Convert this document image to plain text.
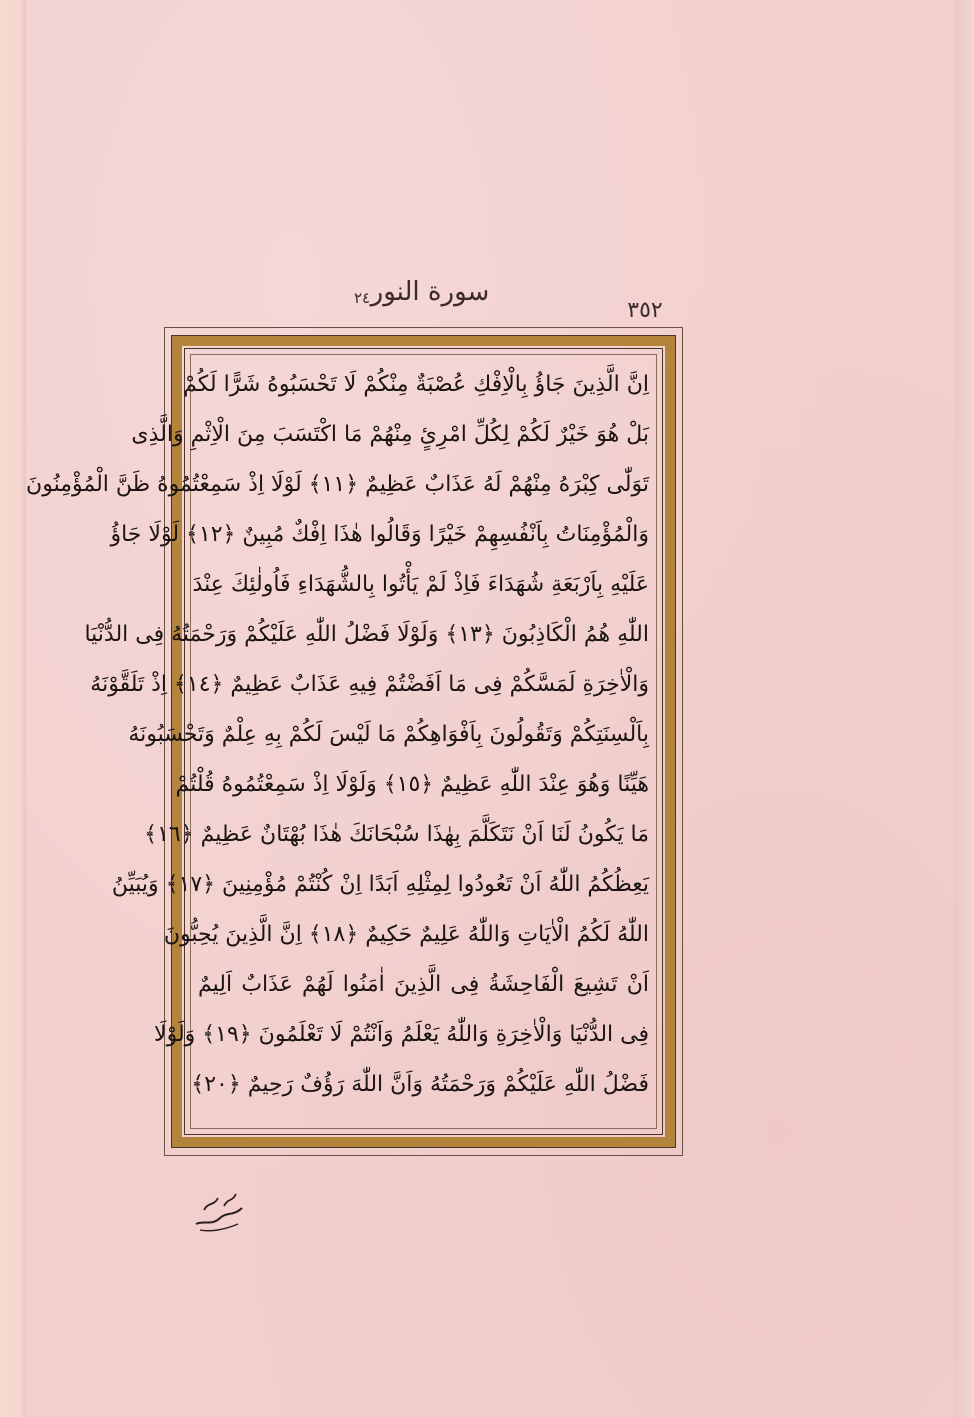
سورة النور
٢٤	٣٥٢
اِنَّ الَّذِينَ جَاؤُ بِالْاِفْكِ عُصْبَةٌ مِنْكُمْ لَا تَحْسَبُوهُ شَرًّا لَكُمْ
بَلْ هُوَ خَيْرٌ لَكُمْ لِكُلِّ امْرِئٍ مِنْهُمْ مَا اكْتَسَبَ مِنَ الْاِثْمِ وَالَّذِى
تَوَلّٰى كِبْرَهُ مِنْهُمْ لَهُ عَذَابٌ عَظِيمٌ ﴿١١﴾ لَوْلَا اِذْ سَمِعْتُمُوهُ ظَنَّ الْمُؤْمِنُونَ
وَالْمُؤْمِنَاتُ بِاَنْفُسِهِمْ خَيْرًا وَقَالُوا هٰذَا اِفْكٌ مُبِينٌ ﴿١٢﴾ لَوْلَا جَاؤُ
عَلَيْهِ بِاَرْبَعَةِ شُهَدَاءَ فَاِذْ لَمْ يَأْتُوا بِالشُّهَدَاءِ فَاُولٰئِكَ عِنْدَ
اللّٰهِ هُمُ الْكَاذِبُونَ ﴿١٣﴾ وَلَوْلَا فَضْلُ اللّٰهِ عَلَيْكُمْ وَرَحْمَتُهُ فِى الدُّنْيَا
وَالْاٰخِرَةِ لَمَسَّكُمْ فِى مَا اَفَضْتُمْ فِيهِ عَذَابٌ عَظِيمٌ ﴿١٤﴾ اِذْ تَلَقَّوْنَهُ
بِاَلْسِنَتِكُمْ وَتَقُولُونَ بِاَفْوَاهِكُمْ مَا لَيْسَ لَكُمْ بِهِ عِلْمٌ وَتَحْسَبُونَهُ
هَيِّنًا وَهُوَ عِنْدَ اللّٰهِ عَظِيمٌ ﴿١٥﴾ وَلَوْلَا اِذْ سَمِعْتُمُوهُ قُلْتُمْ
مَا يَكُونُ لَنَا اَنْ نَتَكَلَّمَ بِهٰذَا سُبْحَانَكَ هٰذَا بُهْتَانٌ عَظِيمٌ ﴿١٦﴾
يَعِظُكُمُ اللّٰهُ اَنْ تَعُودُوا لِمِثْلِهِ اَبَدًا اِنْ كُنْتُمْ مُؤْمِنِينَ ﴿١٧﴾ وَيُبَيِّنُ
اللّٰهُ لَكُمُ الْاٰيَاتِ وَاللّٰهُ عَلِيمٌ حَكِيمٌ ﴿١٨﴾ اِنَّ الَّذِينَ يُحِبُّونَ
اَنْ تَشِيعَ الْفَاحِشَةُ فِى الَّذِينَ اٰمَنُوا لَهُمْ عَذَابٌ اَلِيمٌ
فِى الدُّنْيَا وَالْاٰخِرَةِ وَاللّٰهُ يَعْلَمُ وَاَنْتُمْ لَا تَعْلَمُونَ ﴿١٩﴾ وَلَوْلَا
فَضْلُ اللّٰهِ عَلَيْكُمْ وَرَحْمَتُهُ وَاَنَّ اللّٰهَ رَؤُفٌ رَحِيمٌ ﴿٢٠﴾
